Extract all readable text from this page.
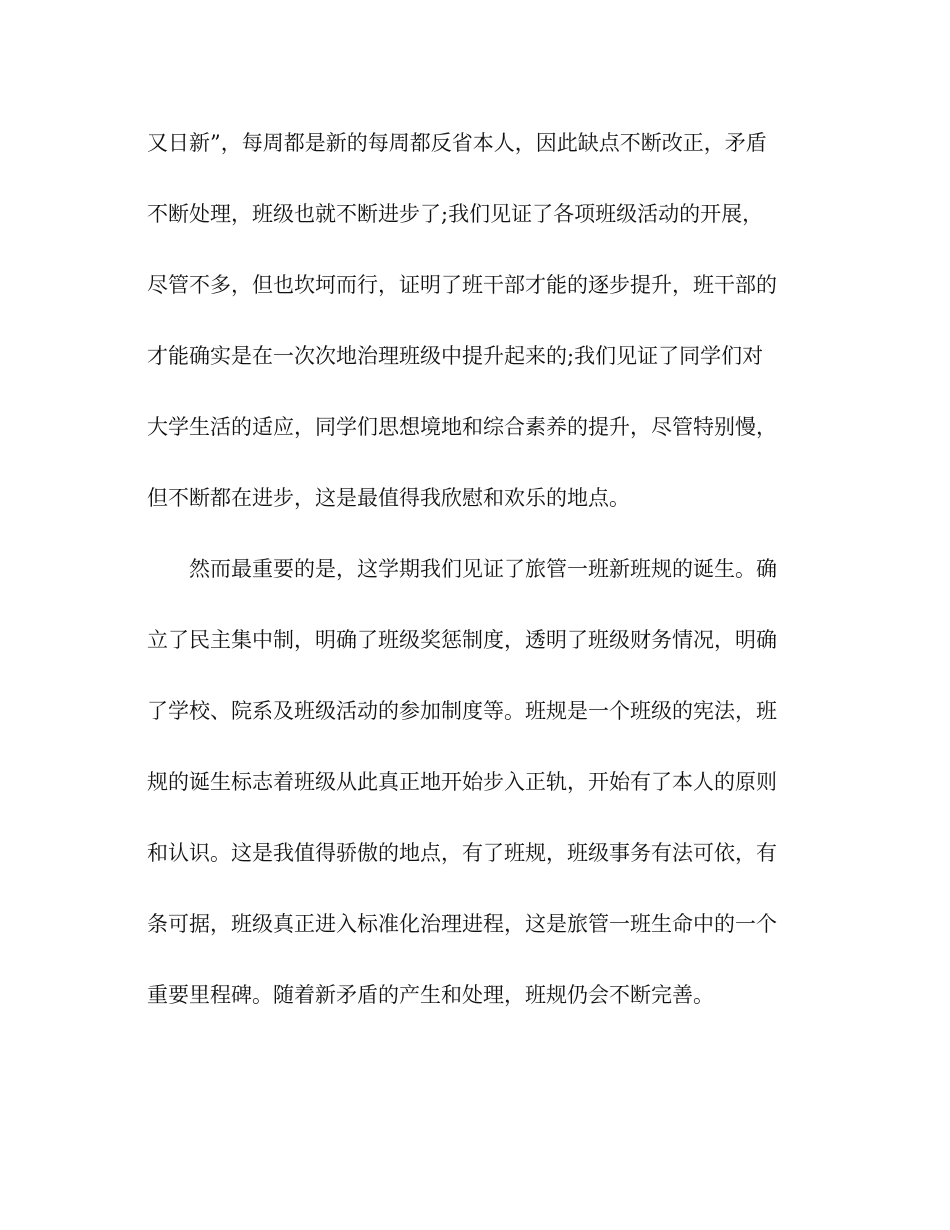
又日新”，每周都是新的每周都反省本人，因此缺点不断改正，矛盾
不断处理，班级也就不断进步了;我们见证了各项班级活动的开展，
尽管不多，但也坎坷而行，证明了班干部才能的逐步提升，班干部的
才能确实是在一次次地治理班级中提升起来的;我们见证了同学们对
大学生活的适应，同学们思想境地和综合素养的提升，尽管特别慢，
但不断都在进步，这是最值得我欣慰和欢乐的地点。
然而最重要的是，这学期我们见证了旅管一班新班规的诞生。确
立了民主集中制，明确了班级奖惩制度，透明了班级财务情况，明确
了学校、院系及班级活动的参加制度等。班规是一个班级的宪法，班
规的诞生标志着班级从此真正地开始步入正轨，开始有了本人的原则
和认识。这是我值得骄傲的地点，有了班规，班级事务有法可依，有
条可据，班级真正进入标准化治理进程，这是旅管一班生命中的一个
重要里程碑。随着新矛盾的产生和处理，班规仍会不断完善。
